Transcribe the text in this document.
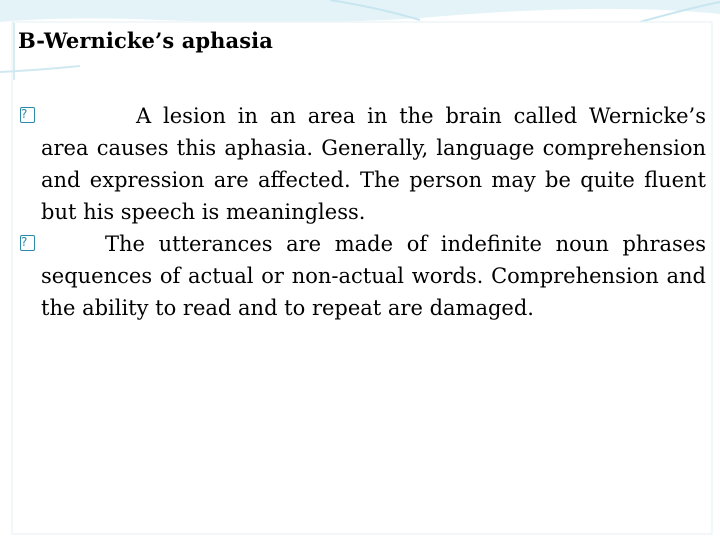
B-Wernicke’s aphasia

?	A lesion in an area in the brain called Wernicke’s area causes this aphasia. Generally, language comprehension and expression are affected. The person may be quite fluent but his speech is meaningless.

?	The utterances are made of indefinite noun phrases sequences of actual or non-actual words. Comprehension and the ability to read and to repeat are damaged.
